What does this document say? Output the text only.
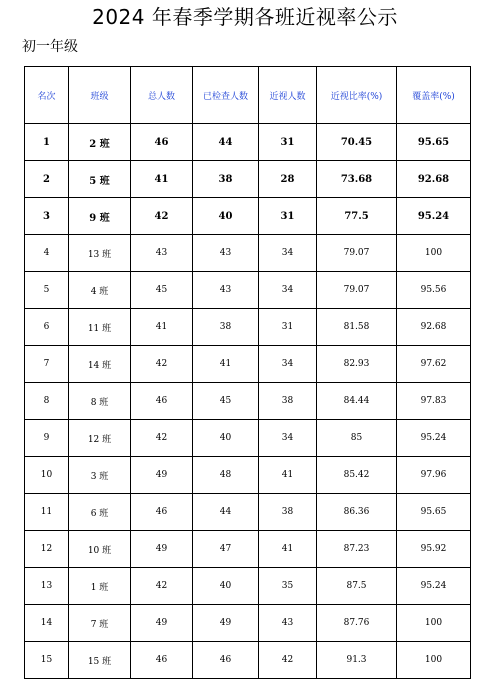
2024 年春季学期各班近视率公示
初一年级
名次	班级	总人数	已检查人数	近视人数	近视比率(%)	覆盖率(%)
1	2 班	46	44	31	70.45	95.65
2	5 班	41	38	28	73.68	92.68
3	9 班	42	40	31	77.5	95.24
4	13 班	43	43	34	79.07	100
5	4 班	45	43	34	79.07	95.56
6	11 班	41	38	31	81.58	92.68
7	14 班	42	41	34	82.93	97.62
8	8 班	46	45	38	84.44	97.83
9	12 班	42	40	34	85	95.24
10	3 班	49	48	41	85.42	97.96
11	6 班	46	44	38	86.36	95.65
12	10 班	49	47	41	87.23	95.92
13	1 班	42	40	35	87.5	95.24
14	7 班	49	49	43	87.76	100
15	15 班	46	46	42	91.3	100
